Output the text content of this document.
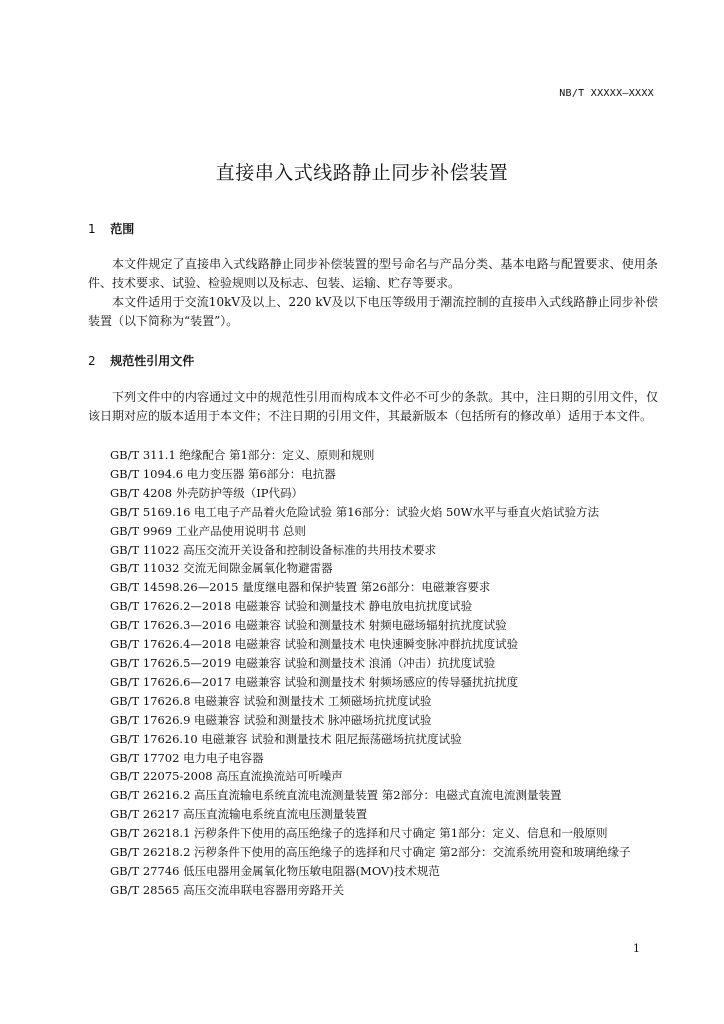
NB/T XXXXX—XXXX
直接串入式线路静止同步补偿装置
1 范围

本文件规定了直接串入式线路静止同步补偿装置的型号命名与产品分类、基本电路与配置要求、使用条件、技术要求、试验、检验规则以及标志、包装、运输、贮存等要求。

本文件适用于交流10kV及以上、220 kV及以下电压等级用于潮流控制的直接串入式线路静止同步补偿装置（以下简称为“装置”）。

2 规范性引用文件

下列文件中的内容通过文中的规范性引用而构成本文件必不可少的条款。其中，注日期的引用文件，仅该日期对应的版本适用于本文件；不注日期的引用文件，其最新版本（包括所有的修改单）适用于本文件。

GB/T 311.1 绝缘配合 第1部分：定义、原则和规则
GB/T 1094.6 电力变压器 第6部分：电抗器
GB/T 4208 外壳防护等级（IP代码）
GB/T 5169.16 电工电子产品着火危险试验 第16部分：试验火焰 50W水平与垂直火焰试验方法
GB/T 9969 工业产品使用说明书 总则
GB/T 11022 高压交流开关设备和控制设备标准的共用技术要求
GB/T 11032 交流无间隙金属氧化物避雷器
GB/T 14598.26—2015 量度继电器和保护装置 第26部分：电磁兼容要求
GB/T 17626.2—2018 电磁兼容 试验和测量技术 静电放电抗扰度试验
GB/T 17626.3—2016 电磁兼容 试验和测量技术 射频电磁场辐射抗扰度试验
GB/T 17626.4—2018 电磁兼容 试验和测量技术 电快速瞬变脉冲群抗扰度试验
GB/T 17626.5—2019 电磁兼容 试验和测量技术 浪涌（冲击）抗扰度试验
GB/T 17626.6—2017 电磁兼容 试验和测量技术 射频场感应的传导骚扰抗扰度
GB/T 17626.8 电磁兼容 试验和测量技术 工频磁场抗扰度试验
GB/T 17626.9 电磁兼容 试验和测量技术 脉冲磁场抗扰度试验
GB/T 17626.10 电磁兼容 试验和测量技术 阻尼振荡磁场抗扰度试验
GB/T 17702 电力电子电容器
GB/T 22075-2008 高压直流换流站可听噪声
GB/T 26216.2 高压直流输电系统直流电流测量装置 第2部分：电磁式直流电流测量装置
GB/T 26217 高压直流输电系统直流电压测量装置
GB/T 26218.1 污秽条件下使用的高压绝缘子的选择和尺寸确定 第1部分：定义、信息和一般原则
GB/T 26218.2 污秽条件下使用的高压绝缘子的选择和尺寸确定 第2部分：交流系统用瓷和玻璃绝缘子
GB/T 27746 低压电器用金属氧化物压敏电阻器(MOV)技术规范
GB/T 28565 高压交流串联电容器用旁路开关
1
